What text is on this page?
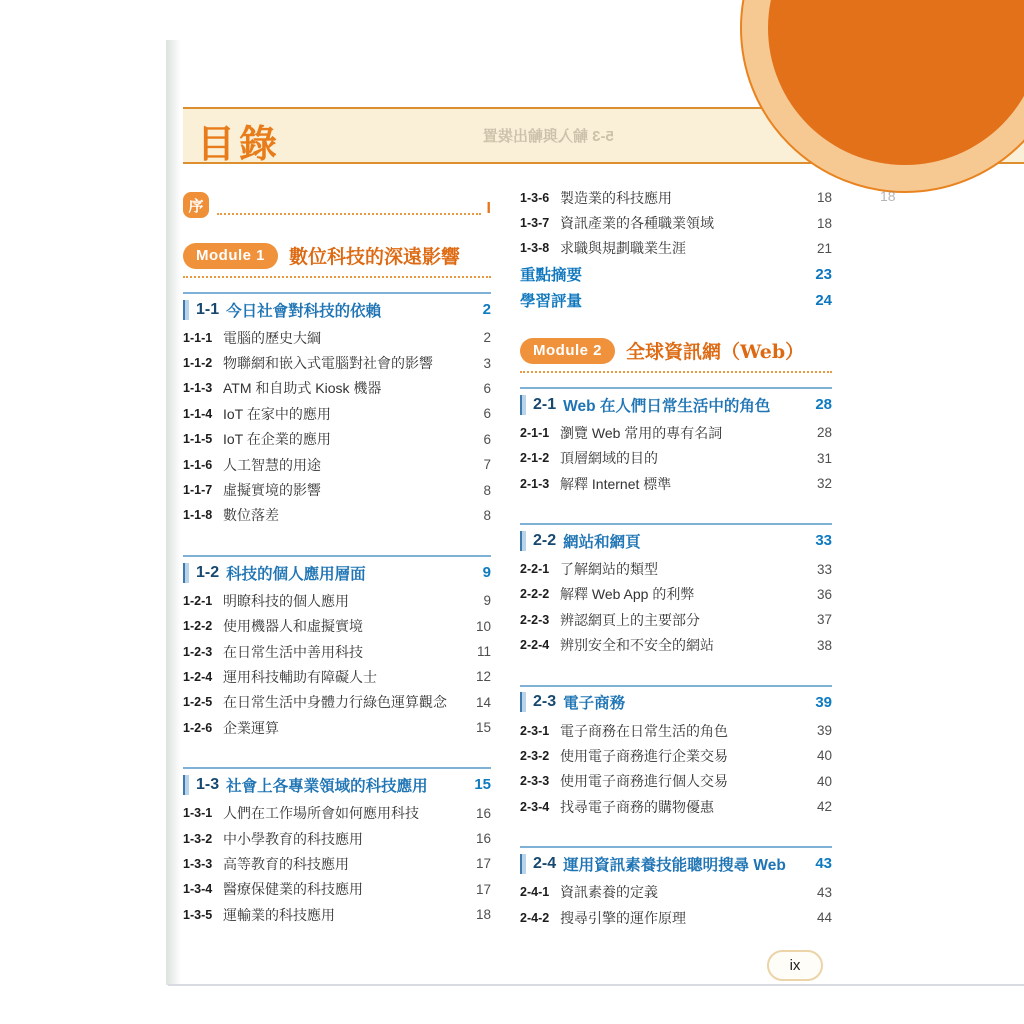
目錄	5-3 輸入與輸出裝置
18
序	I
Module 1	數位科技的深遠影響
1-1 今日社會對科技的依賴	2
1-1-1 電腦的歷史大綱	2
1-1-2 物聯網和嵌入式電腦對社會的影響	3
1-1-3 ATM 和自助式 Kiosk 機器	6
1-1-4 IoT 在家中的應用	6
1-1-5 IoT 在企業的應用	6
1-1-6 人工智慧的用途	7
1-1-7 虛擬實境的影響	8
1-1-8 數位落差	8
1-2 科技的個人應用層面	9
1-2-1 明瞭科技的個人應用	9
1-2-2 使用機器人和虛擬實境	10
1-2-3 在日常生活中善用科技	11
1-2-4 運用科技輔助有障礙人士	12
1-2-5 在日常生活中身體力行綠色運算觀念	14
1-2-6 企業運算	15
1-3 社會上各專業領域的科技應用	15
1-3-1 人們在工作場所會如何應用科技	16
1-3-2 中小學教育的科技應用	16
1-3-3 高等教育的科技應用	17
1-3-4 醫療保健業的科技應用	17
1-3-5 運輸業的科技應用	18
1-3-6 製造業的科技應用	18
1-3-7 資訊產業的各種職業領域	18
1-3-8 求職與規劃職業生涯	21
重點摘要	23
學習評量	24
Module 2	全球資訊網（Web）
2-1 Web 在人們日常生活中的角色	28
2-1-1 瀏覽 Web 常用的專有名詞	28
2-1-2 頂層網域的目的	31
2-1-3 解釋 Internet 標準	32
2-2 網站和網頁	33
2-2-1 了解網站的類型	33
2-2-2 解釋 Web App 的利弊	36
2-2-3 辨認網頁上的主要部分	37
2-2-4 辨別安全和不安全的網站	38
2-3 電子商務	39
2-3-1 電子商務在日常生活的角色	39
2-3-2 使用電子商務進行企業交易	40
2-3-3 使用電子商務進行個人交易	40
2-3-4 找尋電子商務的購物優惠	42
2-4 運用資訊素養技能聰明搜尋 Web	43
2-4-1 資訊素養的定義	43
2-4-2 搜尋引擎的運作原理	44
ix
